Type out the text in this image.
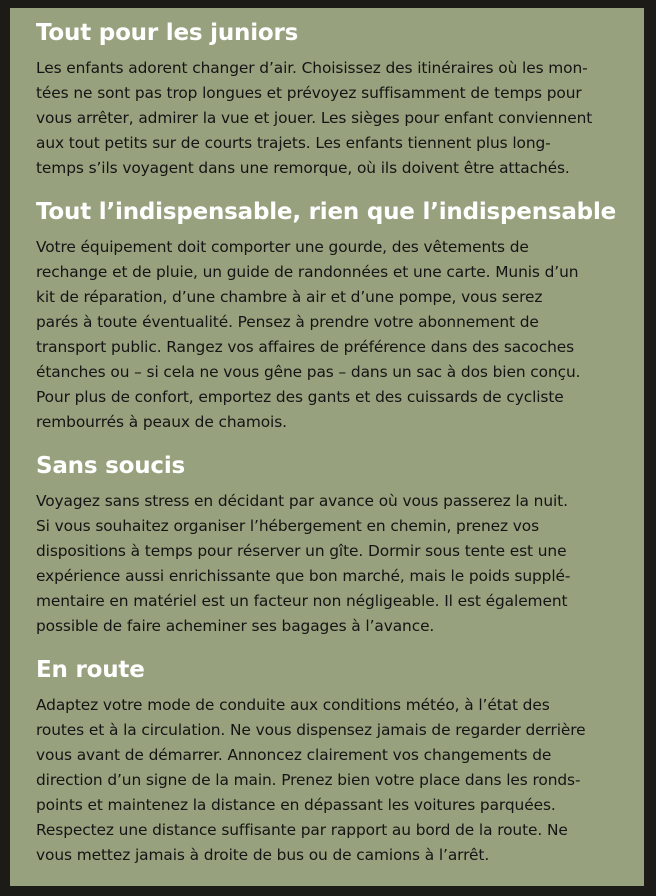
Tout pour les juniors

Les enfants adorent changer d’air. Choisissez des itinéraires où les mon-
tées ne sont pas trop longues et prévoyez suffisamment de temps pour
vous arrêter, admirer la vue et jouer. Les sièges pour enfant conviennent
aux tout petits sur de courts trajets. Les enfants tiennent plus long-
temps s’ils voyagent dans une remorque, où ils doivent être attachés.

Tout l’indispensable, rien que l’indispensable

Votre équipement doit comporter une gourde, des vêtements de
rechange et de pluie, un guide de randonnées et une carte. Munis d’un
kit de réparation, d’une chambre à air et d’une pompe, vous serez
parés à toute éventualité. Pensez à prendre votre abonnement de
transport public. Rangez vos affaires de préférence dans des sacoches
étanches ou – si cela ne vous gêne pas – dans un sac à dos bien conçu.
Pour plus de confort, emportez des gants et des cuissards de cycliste
rembourrés à peaux de chamois.

Sans soucis

Voyagez sans stress en décidant par avance où vous passerez la nuit.
Si vous souhaitez organiser l’hébergement en chemin, prenez vos
dispositions à temps pour réserver un gîte. Dormir sous tente est une
expérience aussi enrichissante que bon marché, mais le poids supplé-
mentaire en matériel est un facteur non négligeable. Il est également
possible de faire acheminer ses bagages à l’avance.

En route

Adaptez votre mode de conduite aux conditions météo, à l’état des
routes et à la circulation. Ne vous dispensez jamais de regarder derrière
vous avant de démarrer. Annoncez clairement vos changements de
direction d’un signe de la main. Prenez bien votre place dans les ronds-
points et maintenez la distance en dépassant les voitures parquées.
Respectez une distance suffisante par rapport au bord de la route. Ne
vous mettez jamais à droite de bus ou de camions à l’arrêt.
